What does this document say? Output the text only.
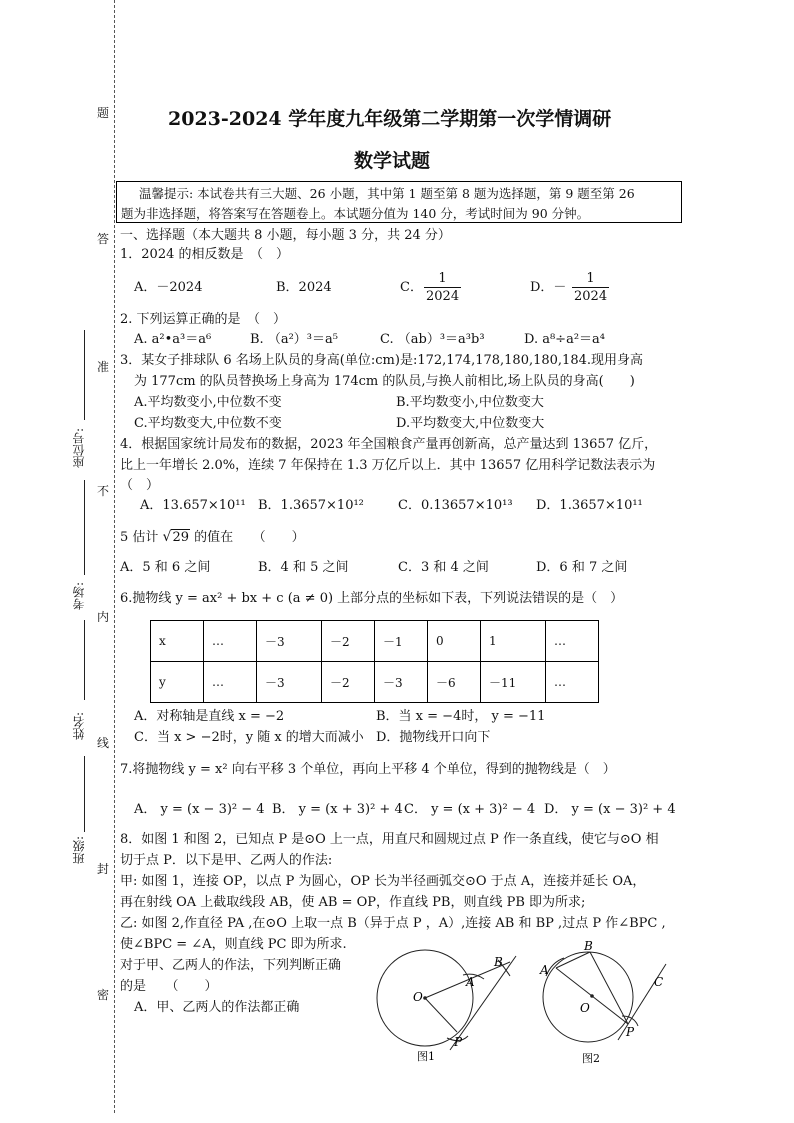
题
答
准
不
内
线
封
密
座位号:
考场:
姓名:
班级:
2023-2024 学年度九年级第二学期第一次学情调研
数学试题
温馨提示: 本试卷共有三大题、26 小题，其中第 1 题至第 8 题为选择题，第 9 题至第 26
题为非选择题，将答案写在答题卷上。本试题分值为 140 分，考试时间为 90 分钟。
一、选择题（本大题共 8 小题，每小题 3 分，共 24 分）
1．2024 的相反数是　（　）
A．－2024	B．2024	C． $\frac{1}{2024}$	D．－ $\frac{1}{2024}$
2. 下列运算正确的是　（　）
A. a²•a³＝a⁶	B. （a²）³＝a⁵	C. （ab）³＝a³b³	D. a⁸÷a²＝a⁴
3．某女子排球队 6 名场上队员的身高(单位:cm)是:172,174,178,180,180,184.现用身高
为 177cm 的队员替换场上身高为 174cm 的队员,与换人前相比,场上队员的身高(　　)
A.平均数变小,中位数不变	B.平均数变小,中位数变大
C.平均数变大,中位数不变	D.平均数变大,中位数变大
4．根据国家统计局发布的数据，2023 年全国粮食产量再创新高，总产量达到 13657 亿斤，
比上一年增长 2.0%，连续 7 年保持在 1.3 万亿斤以上．其中 13657 亿用科学记数法表示为
（　）
A．13.657×10¹¹ B．1.3657×10¹²	C．0.13657×10¹³ D．1.3657×10¹¹
5 估计 √29 的值在　　（　　）
A．5 和 6 之间	B．4 和 5 之间	C．3 和 4 之间	D．6 和 7 之间
6.抛物线 y = ax² + bx + c (a ≠ 0) 上部分点的坐标如下表，下列说法错误的是（　）
x	…	－3	－2	－1	0	1	…
y	…	－3	－2	－3	－6	－11	…
A．对称轴是直线 x = −2	B．当 x = −4时， y = −11
C．当 x > −2时，y 随 x 的增大而减小 D．抛物线开口向下
7.将抛物线 y = x² 向右平移 3 个单位，再向上平移 4 个单位，得到的抛物线是（　）
A． y = (x − 3)² − 4 B． y = (x + 3)² + 4 C． y = (x + 3)² − 4 D． y = (x − 3)² + 4
8．如图 1 和图 2，已知点 P 是⊙O 上一点，用直尺和圆规过点 P 作一条直线，使它与⊙O 相
切于点 P．以下是甲、乙两人的作法:
甲: 如图 1，连接 OP，以点 P 为圆心，OP 长为半径画弧交⊙O 于点 A，连接并延长 OA，
再在射线 OA 上截取线段 AB，使 AB = OP，作直线 PB，则直线 PB 即为所求;
乙: 如图 2,作直径 PA ,在⊙O 上取一点 B（异于点 P ，A）,连接 AB 和 BP ,过点 P 作∠BPC ,
使∠BPC = ∠A，则直线 PC 即为所求.
对于甲、乙两人的作法，下列判断正确
的是　　（　　）
A．甲、乙两人的作法都正确
O
A
B
P
图1
B
A
C
O
P
图2
